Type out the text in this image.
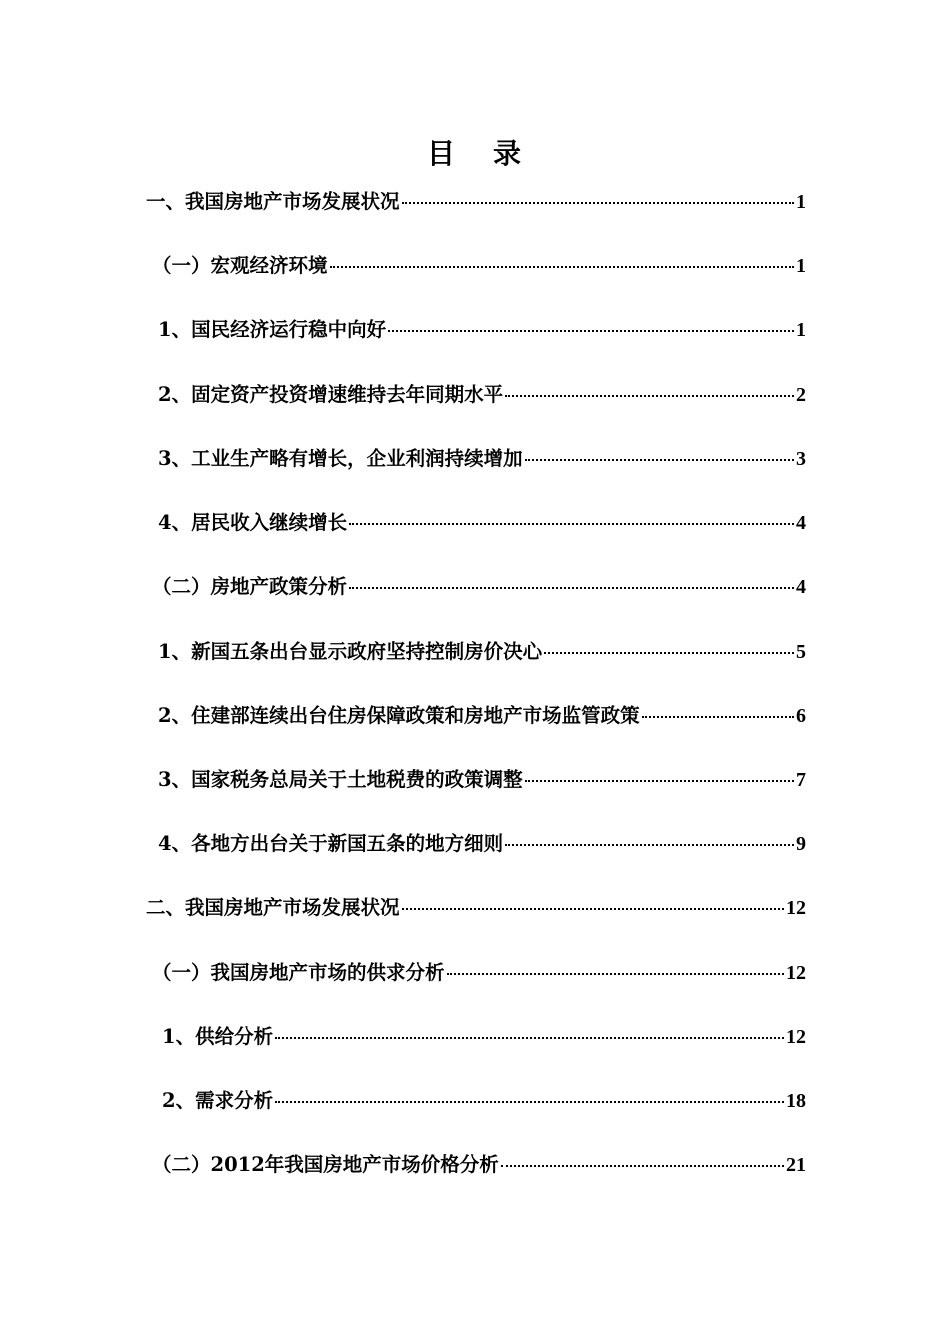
目 录
一、我国房地产市场发展状况	1
（一）宏观经济环境	1
1、国民经济运行稳中向好	1
2、固定资产投资增速维持去年同期水平	2
3、工业生产略有增长，企业利润持续增加	3
4、居民收入继续增长	4
（二）房地产政策分析	4
1、新国五条出台显示政府坚持控制房价决心	5
2、住建部连续出台住房保障政策和房地产市场监管政策	6
3、国家税务总局关于土地税费的政策调整	7
4、各地方出台关于新国五条的地方细则	9
二、我国房地产市场发展状况	12
（一）我国房地产市场的供求分析	12
1、供给分析	12
2、需求分析	18
（二）2012年我国房地产市场价格分析	21
